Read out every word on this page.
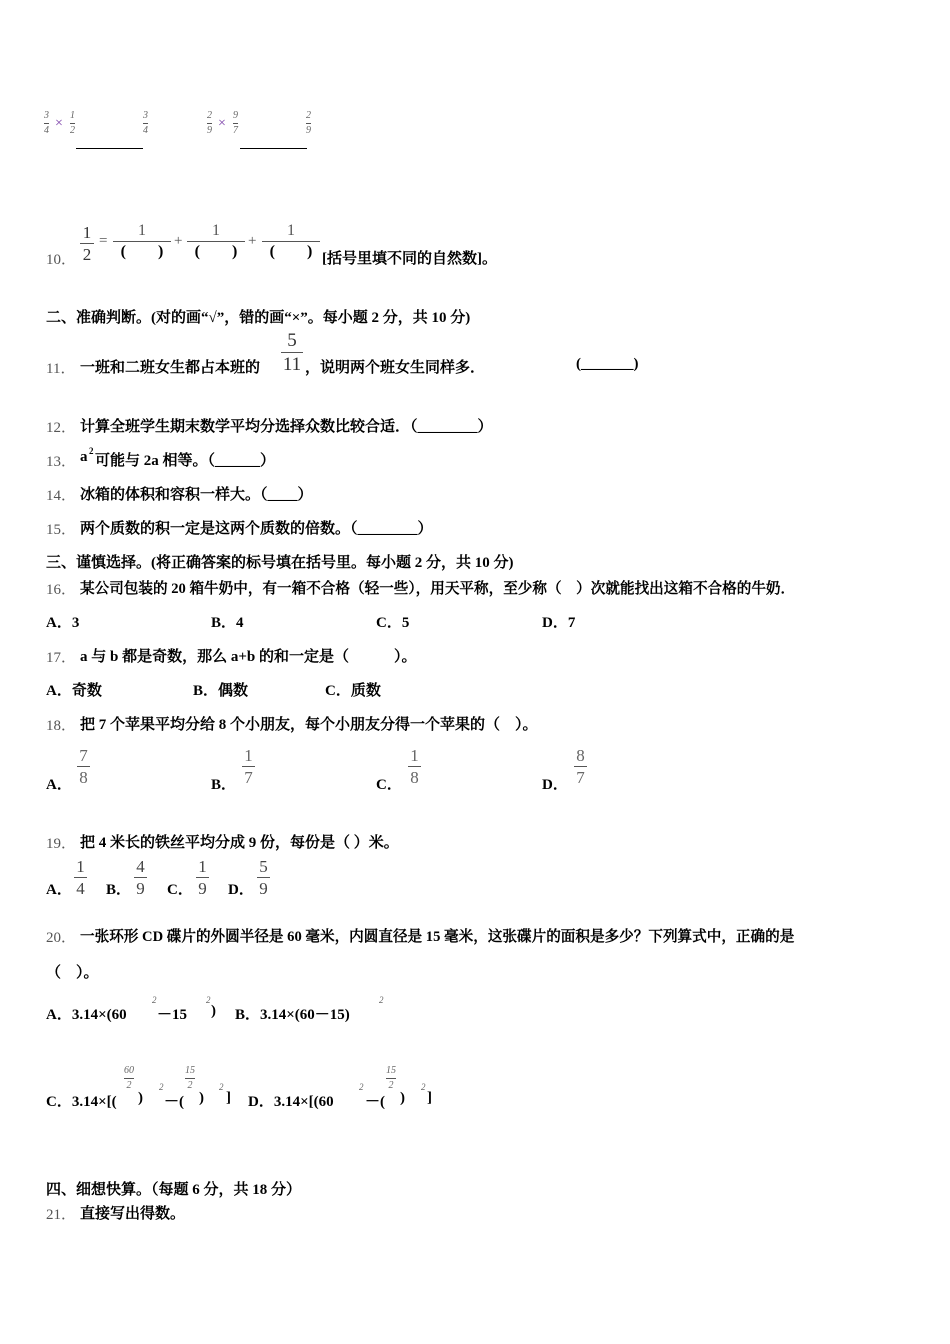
3
4 ×
1
2
3
4
2
9 ×
9
7
2
9
10．
1
2
=
1
(　　)
+
1
(　　)
+
1
(　　) [括号里填不同的自然数]。
二、准确判断。(对的画“√”，错的画“×”。每小题 2 分，共 10 分)
11． 一班和二班女生都占本班的
5
11 ，说明两个班女生同样多．	(_______)
12． 计算全班学生期末数学平均分选择众数比较合适．（________）
13． a 2
可能与 2a 相等。（______）
14． 冰箱的体积和容积一样大。（____）
15． 两个质数的积一定是这两个质数的倍数。（________）
三、谨慎选择。(将正确答案的标号填在括号里。每小题 2 分，共 10 分)
16． 某公司包装的 20 箱牛奶中，有一箱不合格（轻一些），用天平称，至少称（　）次就能找出这箱不合格的牛奶．
A．3	B．4	C．5	D．7
17． a 与 b 都是奇数，那么 a+b 的和一定是（　　　）。
A．奇数	B．偶数	C．质数
18． 把 7 个苹果平均分给 8 个小朋友，每个小朋友分得一个苹果的（　）。
A．
7
8	B．
1
7	C．
1
8	D．
8
7
19． 把 4 米长的铁丝平均分成 9 份，每份是（ ）米。
A．
1
4 B．
4
9 C．
1
9 D．
5
9
20． 一张环形 CD 碟片的外圆半径是 60 毫米，内圆直径是 15 毫米，这张碟片的面积是多少？下列算式中，正确的是
（　）。
A．3.14×(60
2
－15
2
) B．3.14×(60－15)
2
C．3.14×[(
60
2
)
2
－(
15
2
)
2
] D．3.14×[(60
2
－(
15
2
)
2
]
四、细想快算。（每题 6 分，共 18 分）
21． 直接写出得数。
